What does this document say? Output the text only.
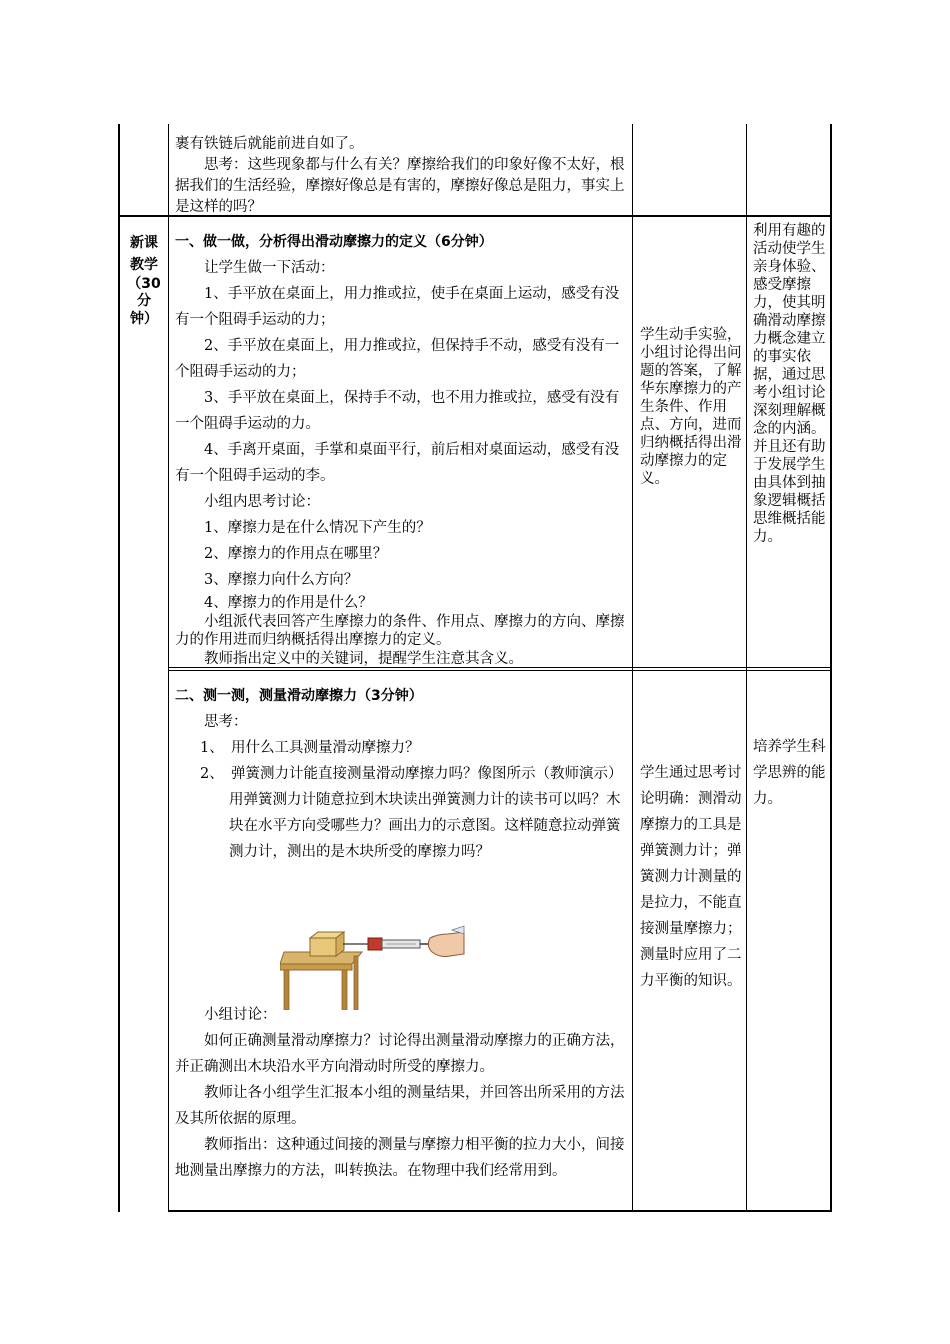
裹有铁链后就能前进自如了。

思考：这些现象都与什么有关？摩擦给我们的印象好像不太好，根据我们的生活经验，摩擦好像总是有害的，摩擦好像总是阻力，事实上是这样的吗？

新课

教学

（30

分

钟）

一、做一做，分析得出滑动摩擦力的定义（6分钟）

让学生做一下活动：

1、手平放在桌面上，用力推或拉，使手在桌面上运动，感受有没有一个阻碍手运动的力；

2、手平放在桌面上，用力推或拉，但保持手不动，感受有没有一个阻碍手运动的力；

3、手平放在桌面上，保持手不动，也不用力推或拉，感受有没有一个阻碍手运动的力。

4、手离开桌面，手掌和桌面平行，前后相对桌面运动，感受有没有一个阻碍手运动的李。

小组内思考讨论：

1、摩擦力是在什么情况下产生的？

2、摩擦力的作用点在哪里？

3、摩擦力向什么方向？

4、摩擦力的作用是什么？

小组派代表回答产生摩擦力的条件、作用点、摩擦力的方向、摩擦力的作用进而归纳概括得出摩擦力的定义。

教师指出定义中的关键词，提醒学生注意其含义。

学生动手实验，小组讨论得出问题的答案，了解华东摩擦力的产生条件、作用点、方向，进而归纳概括得出滑动摩擦力的定义。

利用有趣的活动使学生亲身体验、感受摩擦力，使其明确滑动摩擦力概念建立的事实依据，通过思考小组讨论深刻理解概念的内涵。并且还有助于发展学生由具体到抽象逻辑概括思维概括能力。

二、测一测，测量滑动摩擦力（3分钟）

思考：

1、　用什么工具测量滑动摩擦力？

2、　弹簧测力计能直接测量滑动摩擦力吗？像图所示（教师演示）用弹簧测力计随意拉到木块读出弹簧测力计的读书可以吗？木块在水平方向受哪些力？画出力的示意图。这样随意拉动弹簧测力计，测出的是木块所受的摩擦力吗？

小组讨论：

如何正确测量滑动摩擦力？讨论得出测量滑动摩擦力的正确方法，并正确测出木块沿水平方向滑动时所受的摩擦力。

教师让各小组学生汇报本小组的测量结果，并回答出所采用的方法及其所依据的原理。

教师指出：这种通过间接的测量与摩擦力相平衡的拉力大小，间接地测量出摩擦力的方法，叫转换法。在物理中我们经常用到。

学生通过思考讨论明确：测滑动摩擦力的工具是弹簧测力计；弹簧测力计测量的是拉力，不能直接测量摩擦力；测量时应用了二力平衡的知识。

培养学生科学思辨的能力。
